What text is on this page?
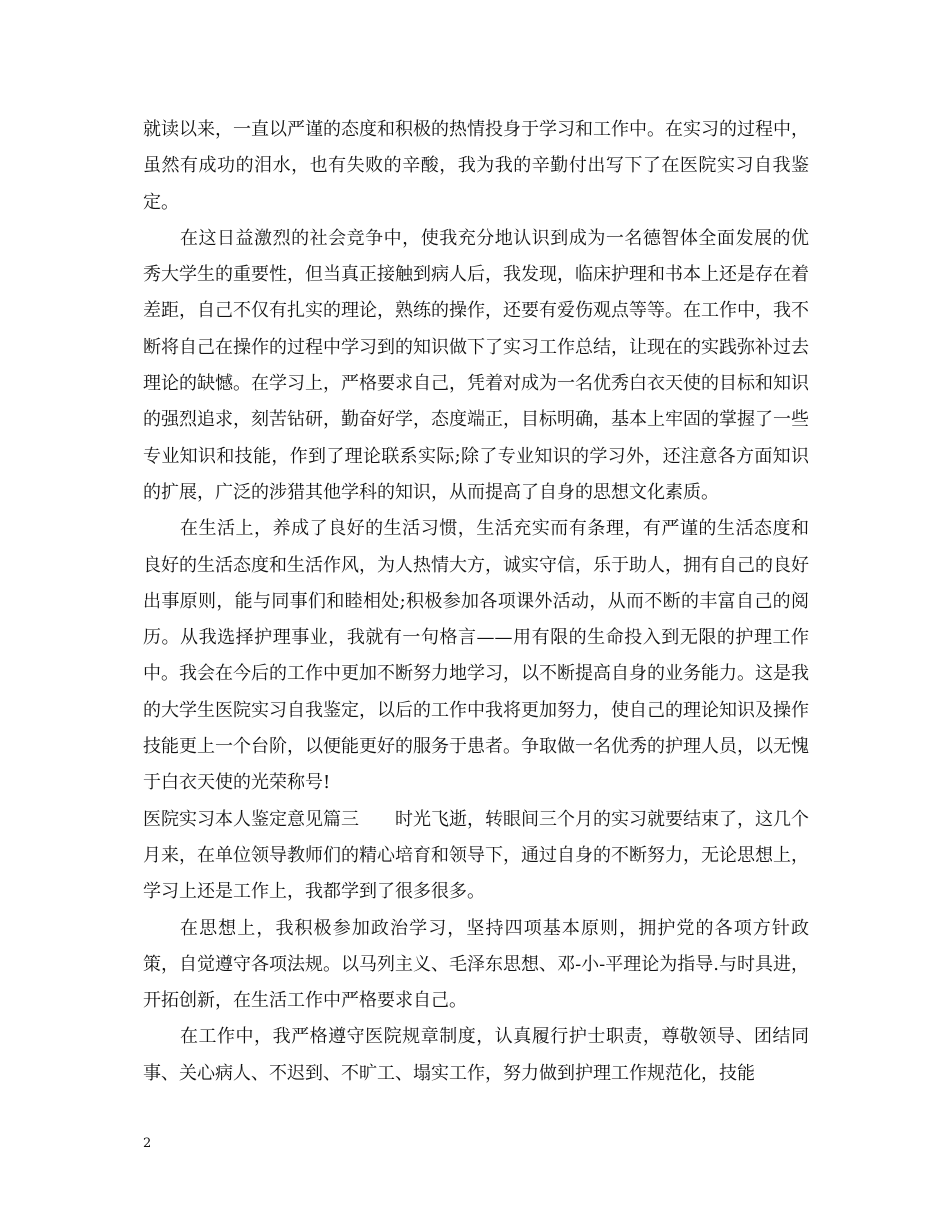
就读以来，一直以严谨的态度和积极的热情投身于学习和工作中。在实习的过程中，虽然有成功的泪水，也有失败的辛酸，我为我的辛勤付出写下了在医院实习自我鉴定。

在这日益激烈的社会竞争中，使我充分地认识到成为一名德智体全面发展的优秀大学生的重要性，但当真正接触到病人后，我发现，临床护理和书本上还是存在着差距，自己不仅有扎实的理论，熟练的操作，还要有爱伤观点等等。在工作中，我不断将自己在操作的过程中学习到的知识做下了实习工作总结，让现在的实践弥补过去理论的缺憾。在学习上，严格要求自己，凭着对成为一名优秀白衣天使的目标和知识的强烈追求，刻苦钻研，勤奋好学，态度端正，目标明确，基本上牢固的掌握了一些专业知识和技能，作到了理论联系实际;除了专业知识的学习外，还注意各方面知识的扩展，广泛的涉猎其他学科的知识，从而提高了自身的思想文化素质。

在生活上，养成了良好的生活习惯，生活充实而有条理，有严谨的生活态度和良好的生活态度和生活作风，为人热情大方，诚实守信，乐于助人，拥有自己的良好出事原则，能与同事们和睦相处;积极参加各项课外活动，从而不断的丰富自己的阅历。从我选择护理事业，我就有一句格言——用有限的生命投入到无限的护理工作中。我会在今后的工作中更加不断努力地学习，以不断提高自身的业务能力。这是我的大学生医院实习自我鉴定，以后的工作中我将更加努力，使自己的理论知识及操作技能更上一个台阶，以便能更好的服务于患者。争取做一名优秀的护理人员，以无愧于白衣天使的光荣称号!

医院实习本人鉴定意见篇三 时光飞逝，转眼间三个月的实习就要结束了，这几个月来，在单位领导教师们的精心培育和领导下，通过自身的不断努力，无论思想上，学习上还是工作上，我都学到了很多很多。

在思想上，我积极参加政治学习，坚持四项基本原则，拥护党的各项方针政策，自觉遵守各项法规。以马列主义、毛泽东思想、邓-小-平理论为指导.与时具进，开拓创新，在生活工作中严格要求自己。

在工作中，我严格遵守医院规章制度，认真履行护士职责，尊敬领导、团结同事、关心病人、不迟到、不旷工、塌实工作，努力做到护理工作规范化，技能

2
